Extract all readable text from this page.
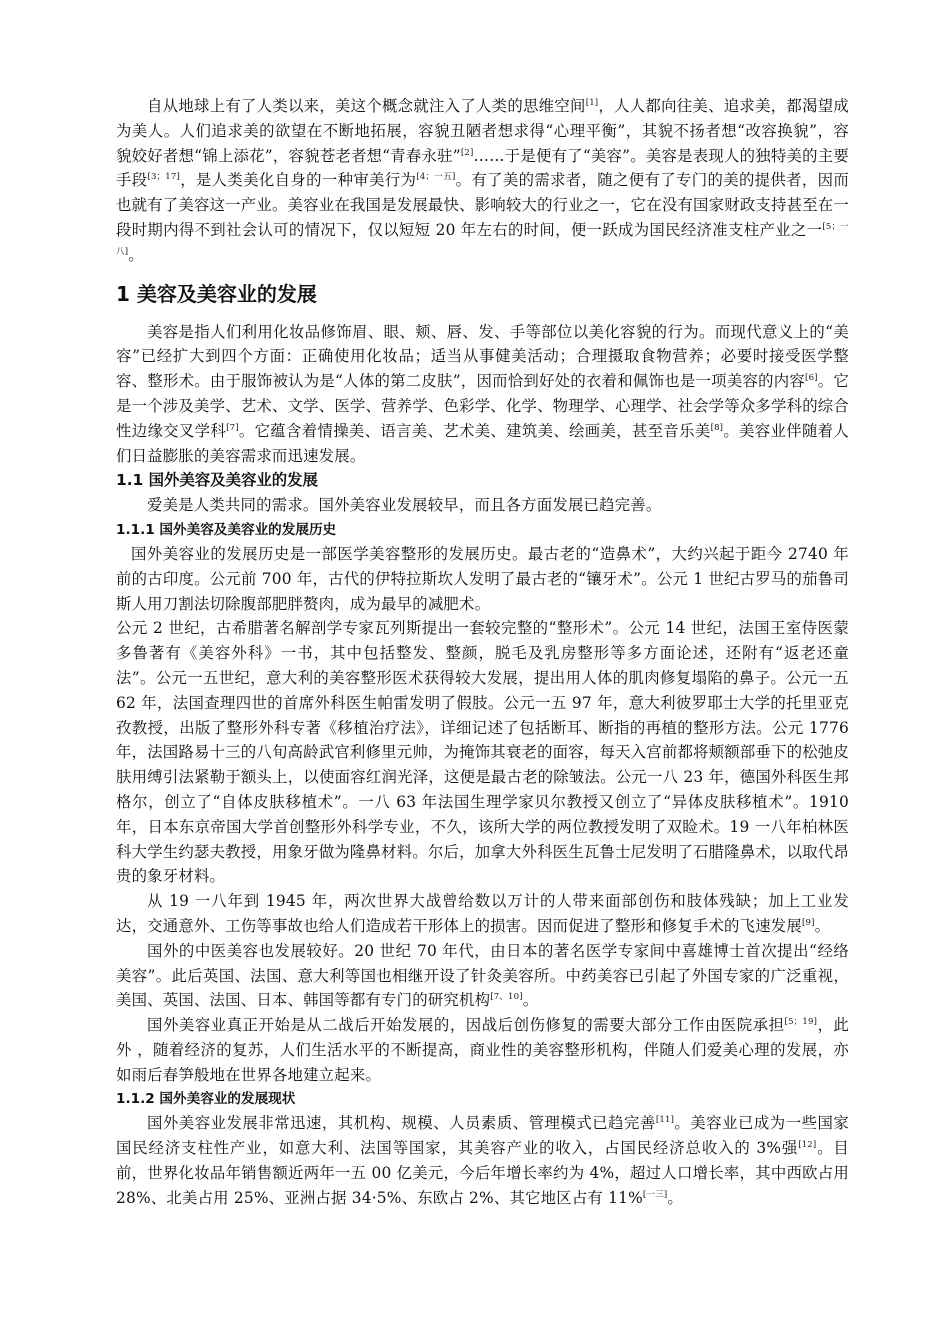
自从地球上有了人类以来，美这个概念就注入了人类的思维空间[1]，人人都向往美、追求美，都渴望成为美人。人们追求美的欲望在不断地拓展，容貌丑陋者想求得“心理平衡”，其貌不扬者想“改容换貌”，容貌姣好者想“锦上添花”，容貌苍老者想“青春永驻”[2]……于是便有了“美容”。美容是表现人的独特美的主要手段[3；17]，是人类美化自身的一种审美行为[4；一五]。有了美的需求者，随之便有了专门的美的提供者，因而也就有了美容这一产业。美容业在我国是发展最快、影响较大的行业之一，它在没有国家财政支持甚至在一段时期内得不到社会认可的情况下，仅以短短 20 年左右的时间，便一跃成为国民经济准支柱产业之一[5；一八]。

1 美容及美容业的发展

美容是指人们利用化妆品修饰眉、眼、颊、唇、发、手等部位以美化容貌的行为。而现代意义上的“美容”已经扩大到四个方面：正确使用化妆品；适当从事健美活动；合理摄取食物营养；必要时接受医学整容、整形术。由于服饰被认为是“人体的第二皮肤”，因而恰到好处的衣着和佩饰也是一项美容的内容[6]。它是一个涉及美学、艺术、文学、医学、营养学、色彩学、化学、物理学、心理学、社会学等众多学科的综合性边缘交叉学科[7]。它蕴含着情操美、语言美、艺术美、建筑美、绘画美，甚至音乐美[8]。美容业伴随着人们日益膨胀的美容需求而迅速发展。

1.1 国外美容及美容业的发展

爱美是人类共同的需求。国外美容业发展较早，而且各方面发展已趋完善。

1.1.1 国外美容及美容业的发展历史

国外美容业的发展历史是一部医学美容整形的发展历史。最古老的“造鼻术”，大约兴起于距今 2740 年前的古印度。公元前 700 年，古代的伊特拉斯坎人发明了最古老的“镶牙术”。公元 1 世纪古罗马的茄鲁司斯人用刀割法切除腹部肥胖赘肉，成为最早的减肥术。

公元 2 世纪，古希腊著名解剖学专家瓦列斯提出一套较完整的“整形术”。公元 14 世纪，法国王室侍医蒙多鲁著有《美容外科》一书，其中包括整发、整颜，脱毛及乳房整形等多方面论述，还附有“返老还童法”。公元一五世纪，意大利的美容整形医术获得较大发展，提出用人体的肌肉修复塌陷的鼻子。公元一五 62 年，法国查理四世的首席外科医生帕雷发明了假肢。公元一五 97 年，意大利彼罗耶士大学的托里亚克孜教授，出版了整形外科专著《移植治疗法》，详细记述了包括断耳、断指的再植的整形方法。公元 1776 年，法国路易十三的八旬高龄武官利修里元帅，为掩饰其衰老的面容，每天入宫前都将颊额部垂下的松弛皮肤用缚引法紧勒于额头上，以使面容红润光泽，这便是最古老的除皱法。公元一八 23 年，德国外科医生邦格尔，创立了“自体皮肤移植术”。一八 63 年法国生理学家贝尔教授又创立了“异体皮肤移植术”。1910 年，日本东京帝国大学首创整形外科学专业，不久，该所大学的两位教授发明了双睑术。19 一八年柏林医科大学生约瑟夫教授，用象牙做为隆鼻材料。尔后，加拿大外科医生瓦鲁士尼发明了石腊隆鼻术，以取代昂贵的象牙材料。

从 19 一八年到 1945 年，两次世界大战曾给数以万计的人带来面部创伤和肢体残缺；加上工业发达，交通意外、工伤等事故也给人们造成若干形体上的损害。因而促进了整形和修复手术的飞速发展[9]。

国外的中医美容也发展较好。20 世纪 70 年代，由日本的著名医学专家间中喜雄博士首次提出“经络美容”。此后英国、法国、意大利等国也相继开设了针灸美容所。中药美容已引起了外国专家的广泛重视，美国、英国、法国、日本、韩国等都有专门的研究机构[7、10]。

国外美容业真正开始是从二战后开始发展的，因战后创伤修复的需要大部分工作由医院承担[5；19]，此外 ，随着经济的复苏，人们生活水平的不断提高，商业性的美容整形机构，伴随人们爱美心理的发展，亦如雨后春笋般地在世界各地建立起来。

1.1.2 国外美容业的发展现状

国外美容业发展非常迅速，其机构、规模、人员素质、管理模式已趋完善[11]。美容业已成为一些国家国民经济支柱性产业，如意大利、法国等国家，其美容产业的收入，占国民经济总收入的 3%强[12]。目前，世界化妆品年销售额近两年一五 00 亿美元，今后年增长率约为 4%，超过人口增长率，其中西欧占用 28%、北美占用 25%、亚洲占据 34·5%、东欧占 2%、其它地区占有 11%[一三]。
